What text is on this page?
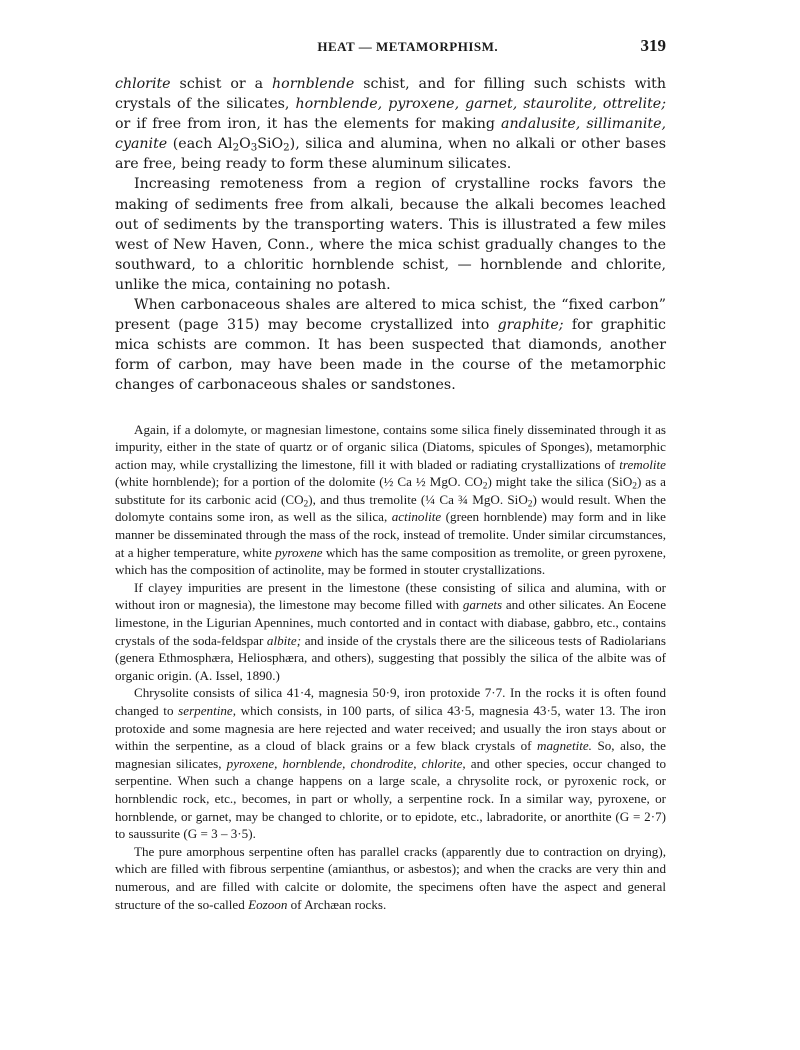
HEAT — METAMORPHISM.	319

chlorite schist or a hornblende schist, and for filling such schists with crystals of the silicates, hornblende, pyroxene, garnet, staurolite, ottrelite; or if free from iron, it has the elements for making andalusite, sillimanite, cyanite (each $Al_2O_3SiO_2$), silica and alumina, when no alkali or other bases are free, being ready to form these aluminum silicates.

Increasing remoteness from a region of crystalline rocks favors the making of sediments free from alkali, because the alkali becomes leached out of sediments by the transporting waters. This is illustrated a few miles west of New Haven, Conn., where the mica schist gradually changes to the southward, to a chloritic hornblende schist, — hornblende and chlorite, unlike the mica, containing no potash.

When carbonaceous shales are altered to mica schist, the “fixed carbon” present (page 315) may become crystallized into graphite; for graphitic mica schists are common. It has been suspected that diamonds, another form of carbon, may have been made in the course of the metamorphic changes of carbonaceous shales or sandstones.

Again, if a dolomyte, or magnesian limestone, contains some silica finely disseminated through it as impurity, either in the state of quartz or of organic silica (Diatoms, spicules of Sponges), metamorphic action may, while crystallizing the limestone, fill it with bladed or radiating crystallizations of tremolite (white hornblende); for a portion of the dolomite (½ Ca ½ MgO. $CO_2$) might take the silica (SiO$_2$) as a substitute for its carbonic acid $(CO_2)$, and thus tremolite (¼ Ca ¾ MgO. SiO$_2$) would result. When the dolomyte contains some iron, as well as the silica, actinolite (green hornblende) may form and in like manner be disseminated through the mass of the rock, instead of tremolite. Under similar circumstances, at a higher temperature, white pyroxene which has the same composition as tremolite, or green pyroxene, which has the composition of actinolite, may be formed in stouter crystallizations.

If clayey impurities are present in the limestone (these consisting of silica and alumina, with or without iron or magnesia), the limestone may become filled with garnets and other silicates. An Eocene limestone, in the Ligurian Apennines, much contorted and in contact with diabase, gabbro, etc., contains crystals of the soda-feldspar albite; and inside of the crystals there are the siliceous tests of Radiolarians (genera Ethmosphæra, Heliosphæra, and others), suggesting that possibly the silica of the albite was of organic origin. (A. Issel, 1890.)

Chrysolite consists of silica 41·4, magnesia 50·9, iron protoxide 7·7. In the rocks it is often found changed to serpentine, which consists, in 100 parts, of silica 43·5, magnesia 43·5, water 13. The iron protoxide and some magnesia are here rejected and water received; and usually the iron stays about or within the serpentine, as a cloud of black grains or a few black crystals of magnetite. So, also, the magnesian silicates, pyroxene, hornblende, chondrodite, chlorite, and other species, occur changed to serpentine. When such a change happens on a large scale, a chrysolite rock, or pyroxenic rock, or hornblendic rock, etc., becomes, in part or wholly, a serpentine rock. In a similar way, pyroxene, or hornblende, or garnet, may be changed to chlorite, or to epidote, etc., labradorite, or anorthite (G = 2·7) to saussurite (G = 3 – 3·5).

The pure amorphous serpentine often has parallel cracks (apparently due to contraction on drying), which are filled with fibrous serpentine (amianthus, or asbestos); and when the cracks are very thin and numerous, and are filled with calcite or dolomite, the specimens often have the aspect and general structure of the so-called Eozoon of Archæan rocks.
